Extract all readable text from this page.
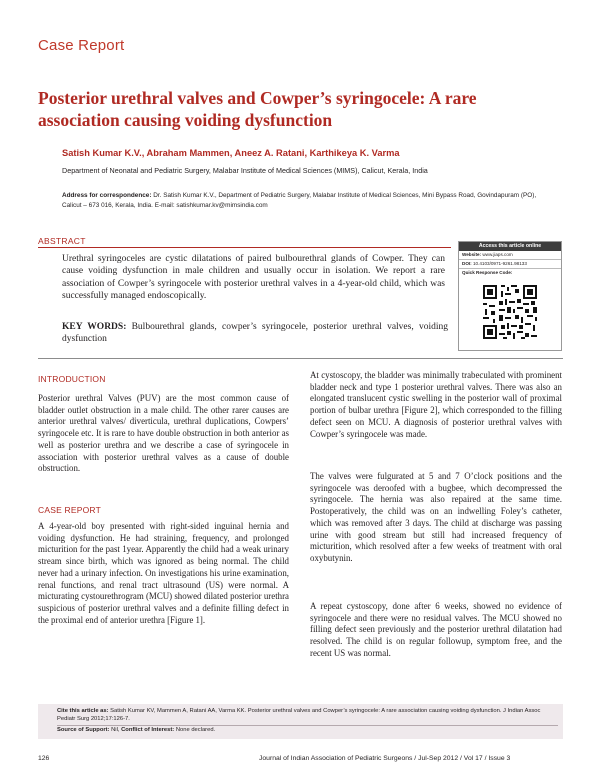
Case Report
Posterior urethral valves and Cowper’s syringocele: A rare association causing voiding dysfunction
Satish Kumar K.V., Abraham Mammen, Aneez A. Ratani, Karthikeya K. Varma
Department of Neonatal and Pediatric Surgery, Malabar Institute of Medical Sciences (MIMS), Calicut, Kerala, India
Address for correspondence: Dr. Satish Kumar K.V., Department of Pediatric Surgery, Malabar Institute of Medical Sciences, Mini Bypass Road, Govindapuram (PO), Calicut – 673 016, Kerala, India. E-mail: satishkumar.kv@mimsindia.com
ABSTRACT
Urethral syringoceles are cystic dilatations of paired bulbourethral glands of Cowper. They can cause voiding dysfunction in male children and usually occur in isolation. We report a rare association of Cowper’s syringocele with posterior urethral valves in a 4-year-old child, which was successfully managed endoscopically.
KEY WORDS: Bulbourethral glands, cowper’s syringocele, posterior urethral valves, voiding dysfunction
Access this article online
Website: www.jiaps.com
DOI: 10.4103/0971-9261.98133
Quick Response Code:
INTRODUCTION
Posterior urethral Valves (PUV) are the most common cause of bladder outlet obstruction in a male child. The other rarer causes are anterior urethral valves/ diverticula, urethral duplications, Cowpers’ syringocele etc. It is rare to have double obstruction in both anterior as well as posterior urethra and we describe a case of syringocele in association with posterior urethral valves as a cause of double obstruction.
CASE REPORT
A 4-year-old boy presented with right-sided inguinal hernia and voiding dysfunction. He had straining, frequency, and prolonged micturition for the past 1year. Apparently the child had a weak urinary stream since birth, which was ignored as being normal. The child never had a urinary infection. On investigations his urine examination, renal functions, and renal tract ultrasound (US) were normal. A micturating cystourethrogram (MCU) showed dilated posterior urethra suspicious of posterior urethral valves and a definite filling defect in the proximal end of anterior urethra [Figure 1].
At cystoscopy, the bladder was minimally trabeculated with prominent bladder neck and type 1 posterior urethral valves. There was also an elongated translucent cystic swelling in the posterior wall of proximal portion of bulbar urethra [Figure 2], which corresponded to the filling defect seen on MCU. A diagnosis of posterior urethral valves with Cowper’s syringocele was made.
The valves were fulgurated at 5 and 7 O’clock positions and the syringocele was deroofed with a bugbee, which decompressed the syringocele. The hernia was also repaired at the same time. Postoperatively, the child was on an indwelling Foley’s catheter, which was removed after 3 days. The child at discharge was passing urine with good stream but still had increased frequency of micturition, which resolved after a few weeks of treatment with oral oxybutynin.
A repeat cystoscopy, done after 6 weeks, showed no evidence of syringocele and there were no residual valves. The MCU showed no filling defect seen previously and the posterior urethral dilatation had resolved. The child is on regular followup, symptom free, and the recent US was normal.
Cite this article as: Satish Kumar KV, Mammen A, Ratani AA, Varma KK. Posterior urethral valves and Cowper’s syringocele: A rare association causing voiding dysfunction. J Indian Assoc Pediatr Surg 2012;17:126-7.
Source of Support: Nil, Conflict of Interest: None declared.
126	Journal of Indian Association of Pediatric Surgeons / Jul-Sep 2012 / Vol 17 / Issue 3
